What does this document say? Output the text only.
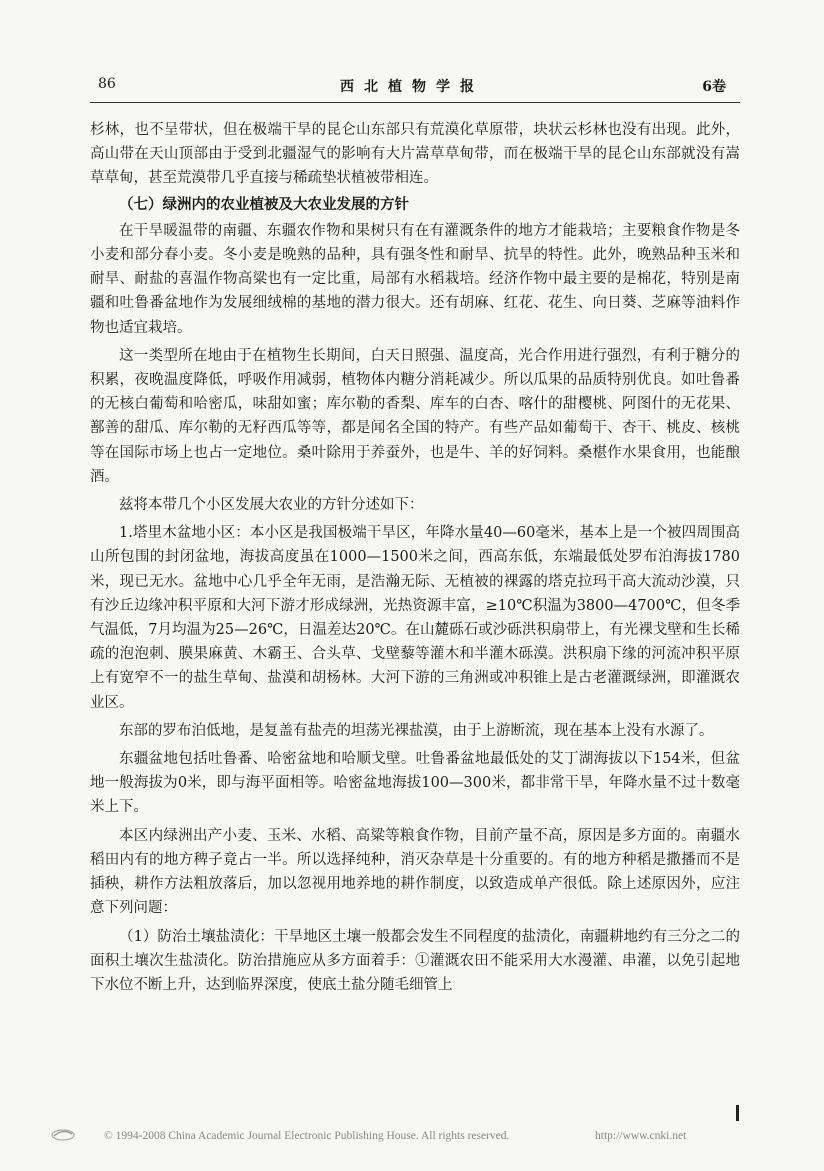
86	西北植物学报	6卷

杉林，也不呈带状，但在极端干旱的昆仑山东部只有荒漠化草原带，块状云杉林也没有出现。此外，高山带在天山顶部由于受到北疆湿气的影响有大片嵩草草甸带，而在极端干旱的昆仑山东部就没有嵩草草甸，甚至荒漠带几乎直接与稀疏垫状植被带相连。

（七）绿洲内的农业植被及大农业发展的方针

在干旱暖温带的南疆、东疆农作物和果树只有在有灌溉条件的地方才能栽培；主要粮食作物是冬小麦和部分春小麦。冬小麦是晚熟的品种，具有强冬性和耐旱、抗旱的特性。此外，晚熟品种玉米和耐旱、耐盐的喜温作物高粱也有一定比重，局部有水稻栽培。经济作物中最主要的是棉花，特别是南疆和吐鲁番盆地作为发展细绒棉的基地的潜力很大。还有胡麻、红花、花生、向日葵、芝麻等油料作物也适宜栽培。

这一类型所在地由于在植物生长期间，白天日照强、温度高，光合作用进行强烈，有利于糖分的积累，夜晚温度降低，呼吸作用减弱，植物体内糖分消耗减少。所以瓜果的品质特别优良。如吐鲁番的无核白葡萄和哈密瓜，味甜如蜜；库尔勒的香梨、库车的白杏、喀什的甜樱桃、阿图什的无花果、鄯善的甜瓜、库尔勒的无籽西瓜等等，都是闻名全国的特产。有些产品如葡萄干、杏干、桃皮、核桃等在国际市场上也占一定地位。桑叶除用于养蚕外，也是牛、羊的好饲料。桑椹作水果食用，也能酿酒。

兹将本带几个小区发展大农业的方针分述如下：

1.塔里木盆地小区：本小区是我国极端干旱区，年降水量40—60毫米，基本上是一个被四周围高山所包围的封闭盆地，海拔高度虽在1000—1500米之间，西高东低，东端最低处罗布泊海拔1780米，现已无水。盆地中心几乎全年无雨，是浩瀚无际、无植被的裸露的塔克拉玛干高大流动沙漠，只有沙丘边缘冲积平原和大河下游才形成绿洲，光热资源丰富，≥10℃积温为3800—4700℃，但冬季气温低，7月均温为25—26℃，日温差达20℃。在山麓砾石或沙砾洪积扇带上，有光裸戈壁和生长稀疏的泡泡刺、膜果麻黄、木霸王、合头草、戈壁藜等灌木和半灌木砾漠。洪积扇下缘的河流冲积平原上有宽窄不一的盐生草甸、盐漠和胡杨林。大河下游的三角洲或冲积锥上是古老灌溉绿洲，即灌溉农业区。

东部的罗布泊低地，是复盖有盐壳的坦荡光裸盐漠，由于上游断流，现在基本上没有水源了。

东疆盆地包括吐鲁番、哈密盆地和哈顺戈壁。吐鲁番盆地最低处的艾丁湖海拔以下154米，但盆地一般海拔为0米，即与海平面相等。哈密盆地海拔100—300米，都非常干旱，年降水量不过十数毫米上下。

本区内绿洲出产小麦、玉米、水稻、高粱等粮食作物，目前产量不高，原因是多方面的。南疆水稻田内有的地方稗子竟占一半。所以选择纯种，消灭杂草是十分重要的。有的地方种稻是撒播而不是插秧，耕作方法粗放落后，加以忽视用地养地的耕作制度，以致造成单产很低。除上述原因外，应注意下列问题：

（1）防治土壤盐渍化：干旱地区土壤一般都会发生不同程度的盐渍化，南疆耕地约有三分之二的面积土壤次生盐渍化。防治措施应从多方面着手：①灌溉农田不能采用大水漫灌、串灌，以免引起地下水位不断上升，达到临界深度，使底土盐分随毛细管上

© 1994-2008 China Academic Journal Electronic Publishing House. All rights reserved.	http://www.cnki.net
